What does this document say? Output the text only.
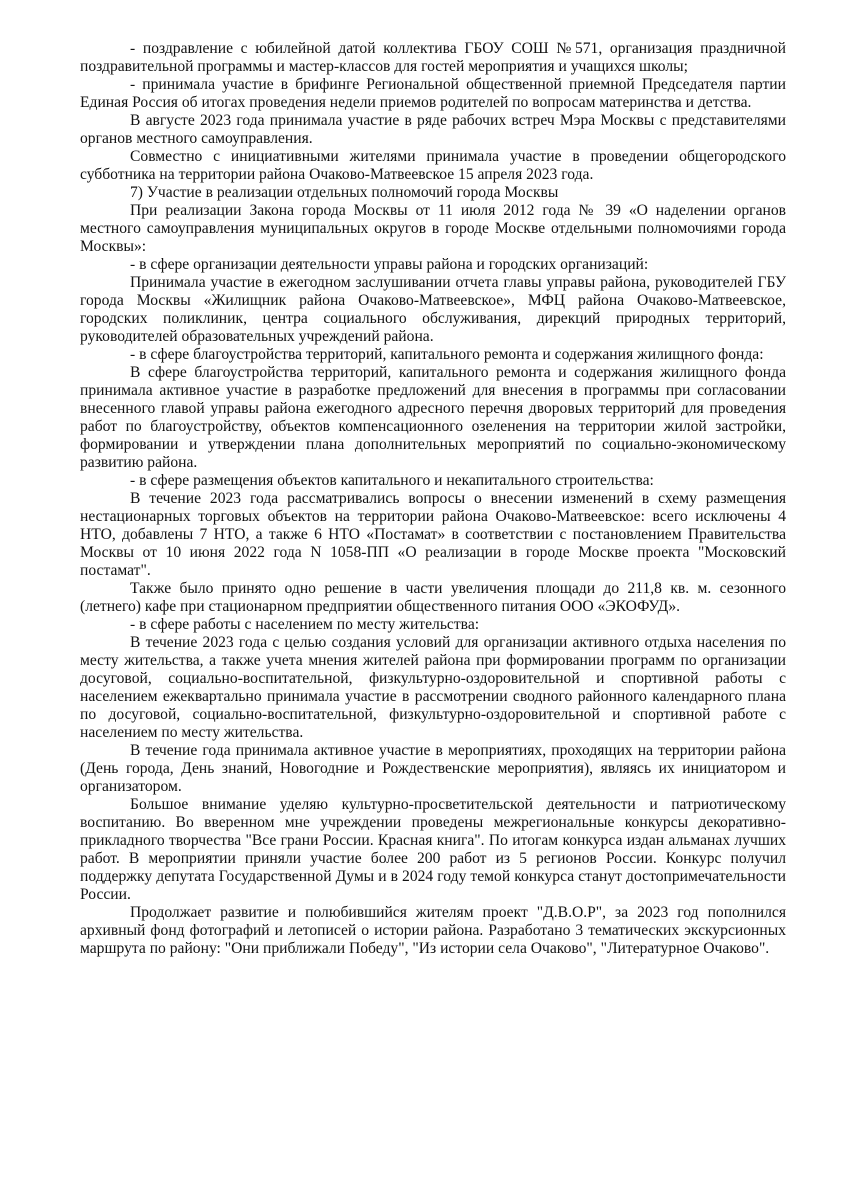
- поздравление с юбилейной датой коллектива ГБОУ СОШ №571, организация праздничной поздравительной программы и мастер-классов для гостей мероприятия и учащихся школы;

- принимала участие в брифинге Региональной общественной приемной Председателя партии Единая Россия об итогах проведения недели приемов родителей по вопросам материнства и детства.

В августе 2023 года принимала участие в ряде рабочих встреч Мэра Москвы с представителями органов местного самоуправления.

Совместно с инициативными жителями принимала участие в проведении общегородского субботника на территории района Очаково-Матвеевское 15 апреля 2023 года.

7) Участие в реализации отдельных полномочий города Москвы

При реализации Закона города Москвы от 11 июля 2012 года № 39 «О наделении органов местного самоуправления муниципальных округов в городе Москве отдельными полномочиями города Москвы»:

- в сфере организации деятельности управы района и городских организаций:

Принимала участие в ежегодном заслушивании отчета главы управы района, руководителей ГБУ города Москвы «Жилищник района Очаково-Матвеевское», МФЦ района Очаково-Матвеевское, городских поликлиник, центра социального обслуживания, дирекций природных территорий, руководителей образовательных учреждений района.

- в сфере благоустройства территорий, капитального ремонта и содержания жилищного фонда:

В сфере благоустройства территорий, капитального ремонта и содержания жилищного фонда принимала активное участие в разработке предложений для внесения в программы при согласовании внесенного главой управы района ежегодного адресного перечня дворовых территорий для проведения работ по благоустройству, объектов компенсационного озеленения на территории жилой застройки, формировании и утверждении плана дополнительных мероприятий по социально-экономическому развитию района.

- в сфере размещения объектов капитального и некапитального строительства:

В течение 2023 года рассматривались вопросы о внесении изменений в схему размещения нестационарных торговых объектов на территории района Очаково-Матвеевское: всего исключены 4 НТО, добавлены 7 НТО, а также 6 НТО «Постамат» в соответствии с постановлением Правительства Москвы от 10 июня 2022 года N 1058-ПП «О реализации в городе Москве проекта "Московский постамат".

Также было принято одно решение в части увеличения площади до 211,8 кв. м. сезонного (летнего) кафе при стационарном предприятии общественного питания ООО «ЭКОФУД».

- в сфере работы с населением по месту жительства:

В течение 2023 года с целью создания условий для организации активного отдыха населения по месту жительства, а также учета мнения жителей района при формировании программ по организации досуговой, социально-воспитательной, физкультурно-оздоровительной и спортивной работы с населением ежеквартально принимала участие в рассмотрении сводного районного календарного плана по досуговой, социально-воспитательной, физкультурно-оздоровительной и спортивной работе с населением по месту жительства.

В течение года принимала активное участие в мероприятиях, проходящих на территории района (День города, День знаний, Новогодние и Рождественские мероприятия), являясь их инициатором и организатором.

Большое внимание уделяю культурно-просветительской деятельности и патриотическому воспитанию. Во вверенном мне учреждении проведены межрегиональные конкурсы декоративно-прикладного творчества "Все грани России. Красная книга". По итогам конкурса издан альманах лучших работ. В мероприятии приняли участие более 200 работ из 5 регионов России. Конкурс получил поддержку депутата Государственной Думы и в 2024 году темой конкурса станут достопримечательности России.

Продолжает развитие и полюбившийся жителям проект "Д.В.О.Р", за 2023 год пополнился архивный фонд фотографий и летописей о истории района. Разработано 3 тематических экскурсионных маршрута по району: "Они приближали Победу", "Из истории села Очаково", "Литературное Очаково".
